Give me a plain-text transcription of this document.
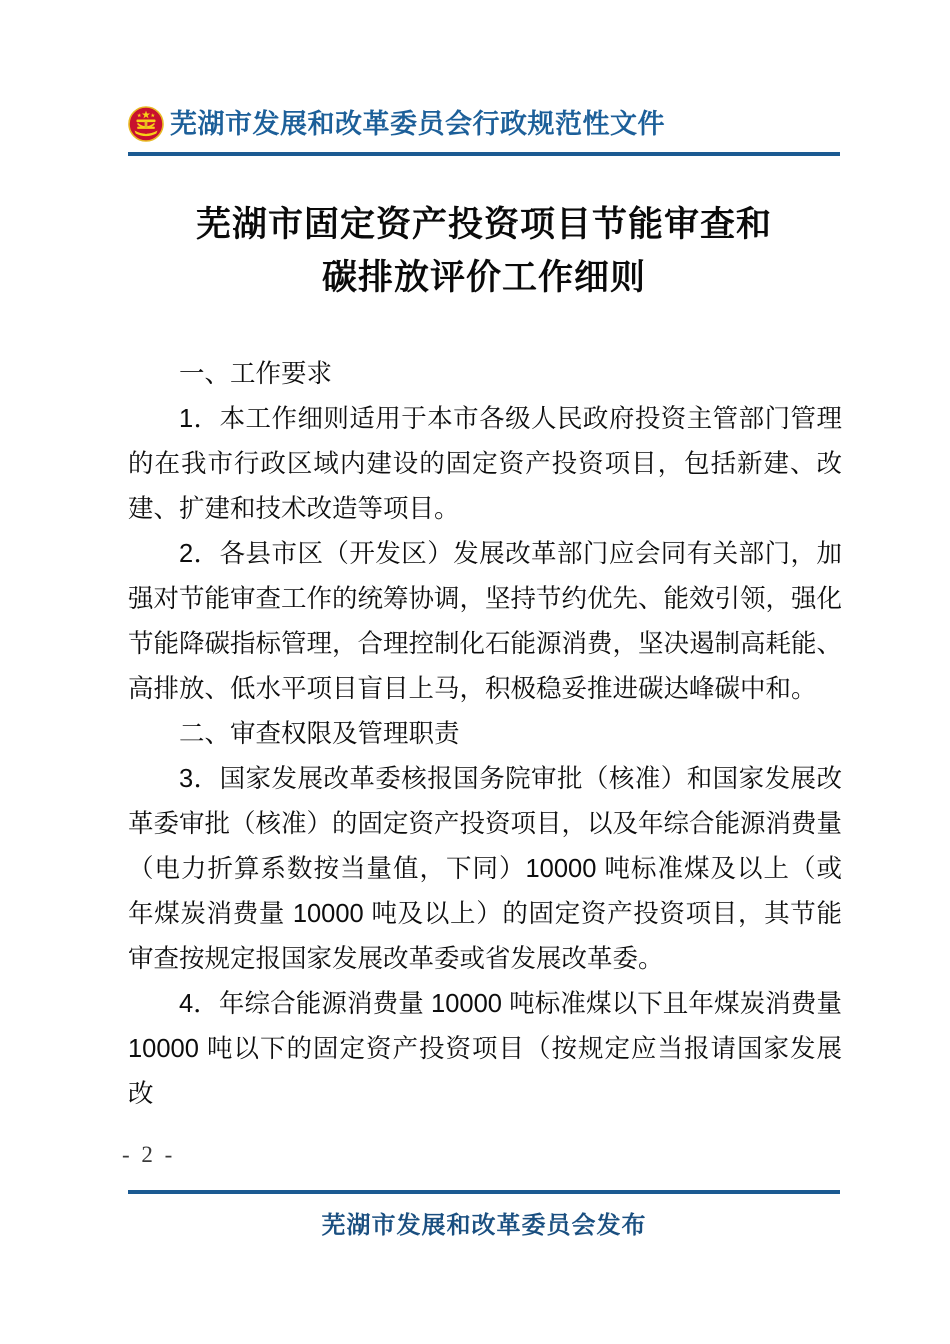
芜湖市发展和改革委员会行政规范性文件
芜湖市固定资产投资项目节能审查和
碳排放评价工作细则

一、工作要求

1．本工作细则适用于本市各级人民政府投资主管部门管理的在我市行政区域内建设的固定资产投资项目，包括新建、改建、扩建和技术改造等项目。

2．各县市区（开发区）发展改革部门应会同有关部门，加强对节能审查工作的统筹协调，坚持节约优先、能效引领，强化节能降碳指标管理，合理控制化石能源消费，坚决遏制高耗能、高排放、低水平项目盲目上马，积极稳妥推进碳达峰碳中和。

二、审查权限及管理职责

3．国家发展改革委核报国务院审批（核准）和国家发展改革委审批（核准）的固定资产投资项目，以及年综合能源消费量（电力折算系数按当量值，下同）10000 吨标准煤及以上（或年煤炭消费量 10000 吨及以上）的固定资产投资项目，其节能审查按规定报国家发展改革委或省发展改革委。

4．年综合能源消费量 10000 吨标准煤以下且年煤炭消费量 10000 吨以下的固定资产投资项目（按规定应当报请国家发展改

- 2 -
芜湖市发展和改革委员会发布
